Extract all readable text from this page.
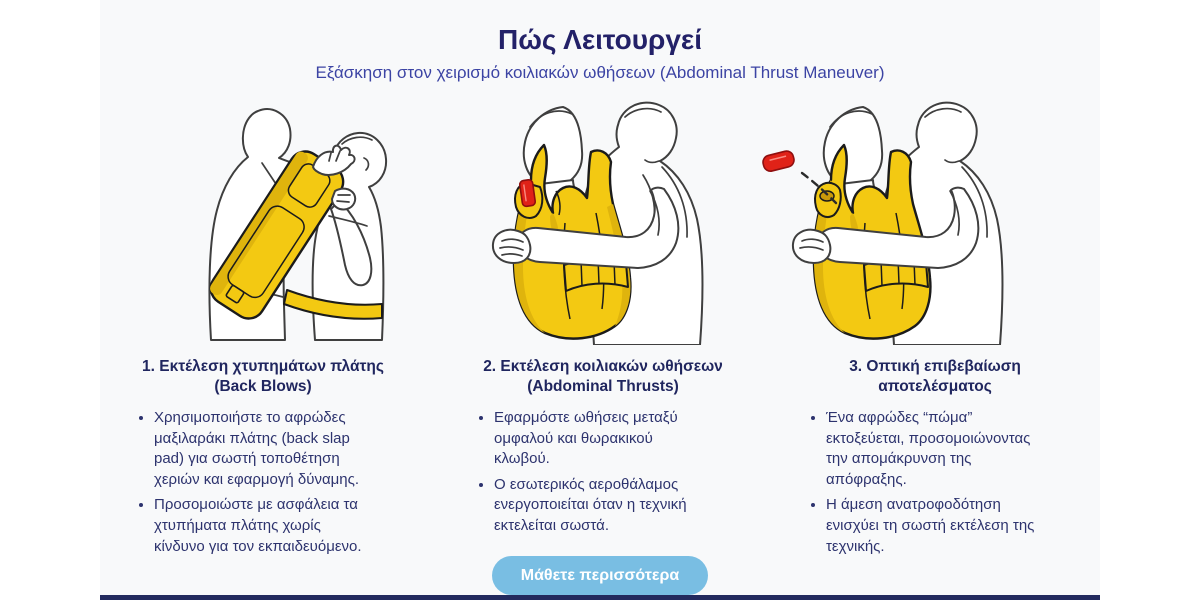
Πώς Λειτουργεί

Εξάσκηση στον χειρισμό κοιλιακών ωθήσεων (Abdominal Thrust Maneuver)

1. Εκτέλεση χτυπημάτων πλάτης
(Back Blows)
• Χρησιμοποιήστε το αφρώδες μαξιλαράκι πλάτης (back slap pad) για σωστή τοποθέτηση χεριών και εφαρμογή δύναμης.
• Προσομοιώστε με ασφάλεια τα χτυπήματα πλάτης χωρίς κίνδυνο για τον εκπαιδευόμενο.
2. Εκτέλεση κοιλιακών ωθήσεων
(Abdominal Thrusts)
• Εφαρμόστε ωθήσεις μεταξύ ομφαλού και θωρακικού κλωβού.
• Ο εσωτερικός αεροθάλαμος ενεργοποιείται όταν η τεχνική εκτελείται σωστά.
3. Οπτική επιβεβαίωση
αποτελέσματος
• Ένα αφρώδες “πώμα” εκτοξεύεται, προσομοιώνοντας την απομάκρυνση της απόφραξης.
• Η άμεση ανατροφοδότηση ενισχύει τη σωστή εκτέλεση της τεχνικής.
Μάθετε περισσότερα
